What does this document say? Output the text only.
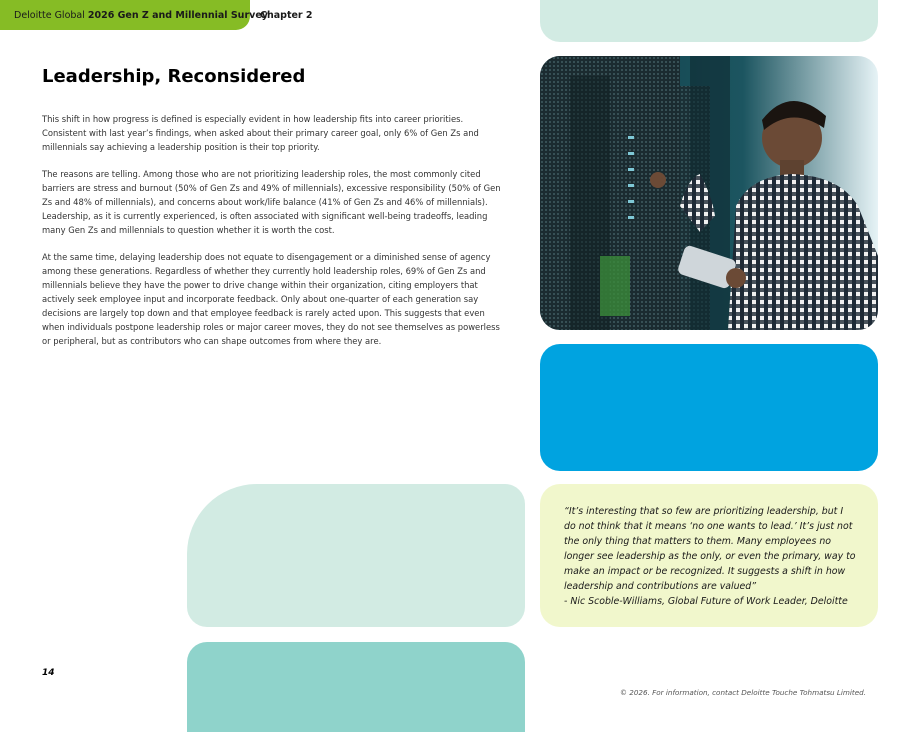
Deloitte Global 2026 Gen Z and Millennial Survey
Chapter 2
Leadership, Reconsidered

This shift in how progress is defined is especially evident in how leadership fits into career priorities. Consistent with last year’s findings, when asked about their primary career goal, only 6% of Gen Zs and millennials say achieving a leadership position is their top priority.

The reasons are telling. Among those who are not prioritizing leadership roles, the most commonly cited barriers are stress and burnout (50% of Gen Zs and 49% of millennials), excessive responsibility (50% of Gen Zs and 48% of millennials), and concerns about work/life balance (41% of Gen Zs and 46% of millennials). Leadership, as it is currently experienced, is often associated with significant well-being tradeoffs, leading many Gen Zs and millennials to question whether it is worth the cost.

At the same time, delaying leadership does not equate to disengagement or a diminished sense of agency among these generations. Regardless of whether they currently hold leadership roles, 69% of Gen Zs and millennials believe they have the power to drive change within their organization, citing employers that actively seek employee input and incorporate feedback. Only about one-quarter of each generation say decisions are largely top down and that employee feedback is rarely acted upon. This suggests that even when individuals postpone leadership roles or major career moves, they do not see themselves as powerless or peripheral, but as contributors who can shape outcomes from where they are.

“It’s interesting that so few are prioritizing leadership, but I do not think that it means ‘no one wants to lead.’ It’s just not the only thing that matters to them. Many employees no longer see leadership as the only, or even the primary, way to make an impact or be recognized. It suggests a shift in how leadership and contributions are valued”

- Nic Scoble-Williams, Global Future of Work Leader, Deloitte

14
© 2026. For information, contact Deloitte Touche Tohmatsu Limited.
